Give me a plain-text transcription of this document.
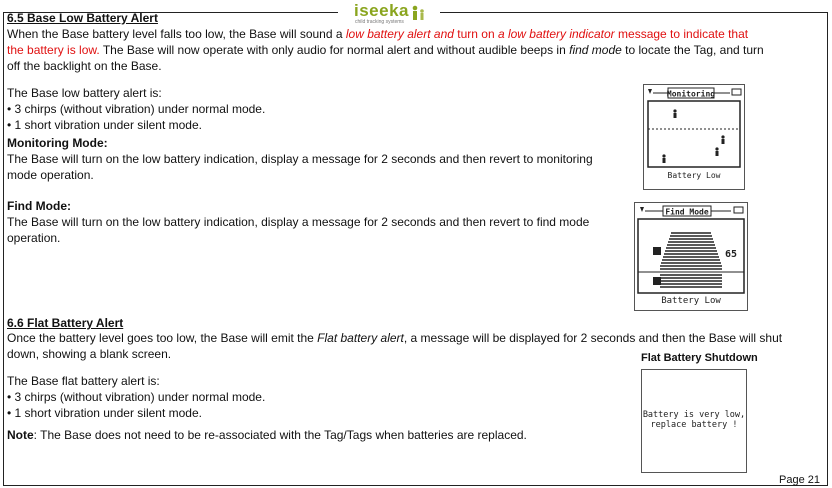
iseeka
child tracking systems
6.5 Base Low Battery Alert
When the Base battery level falls too low, the Base will sound a low battery alert and turn on a low battery indicator message to indicate that
the battery is low. The Base will now operate with only audio for normal alert and without audible beeps in find mode to locate the Tag, and turn
off the backlight on the Base.
The Base low battery alert is:
• 3 chirps (without vibration) under normal mode.
• 1 short vibration under silent mode.
Monitoring Mode:
The Base will turn on the low battery indication, display a message for 2 seconds and then revert to monitoring
mode operation.
Find Mode:
The Base will turn on the low battery indication, display a message for 2 seconds and then revert to find mode
operation.
6.6 Flat Battery Alert
Once the battery level goes too low, the Base will emit the Flat battery alert, a message will be displayed for 2 seconds and then the Base will shut
down, showing a blank screen.
The Base flat battery alert is:
• 3 chirps (without vibration) under normal mode.
• 1 short vibration under silent mode.
Note: The Base does not need to be re-associated with the Tag/Tags when batteries are replaced.
Monitoring
Battery Low
Find Mode
65
Battery Low
Flat Battery Shutdown
Battery is very low,
replace battery !
Page 21
